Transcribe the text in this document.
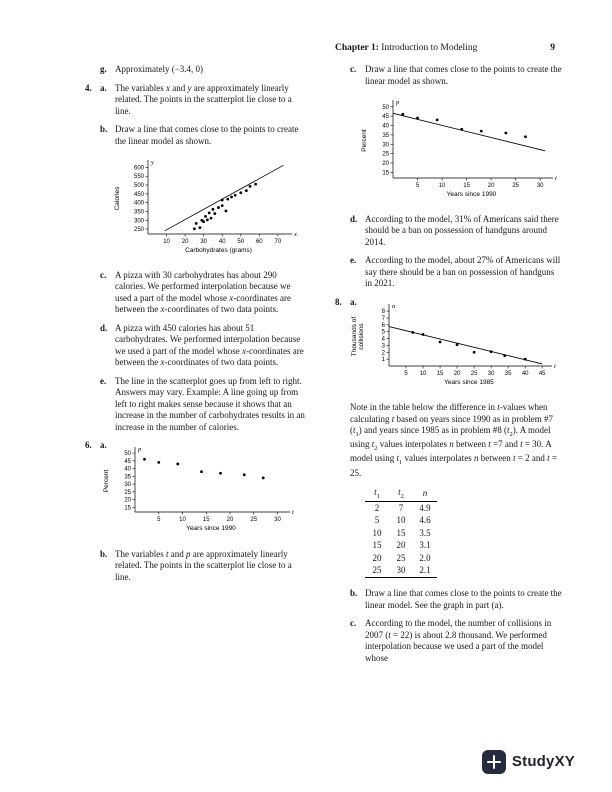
Chapter 1: Introduction to Modeling	9
g. Approximately (−3.4, 0)
4. a. The variables x and y are approximately linearly related. The points in the scatterplot lie close to a line.
b. Draw a line that comes close to the points to create the linear model as shown.
10 20 30 40 50 60 70
250
300
350
400
450
500
550
600
Carbohydrates (grams)
Calories
y
x
c. A pizza with 30 carbohydrates has about 290 calories. We performed interpolation because we used a part of the model whose x-coordinates are between the x-coordinates of two data points.
d. A pizza with 450 calories has about 51 carbohydrates. We performed interpolation because we used a part of the model whose x-coordinates are between the x-coordinates of two data points.
e. The line in the scatterplot goes up from left to right. Answers may vary. Example: A line going up from left to right makes sense because it shows that an increase in the number of carbohydrates results in an increase in the number of calories.
6. a.
5	10	15	20	25	30
15
20
25
30
35
40
45
50
Years since 1990
Percent
p
t
b. The variables t and p are approximately linearly related. The points in the scatterplot lie close to a line.
c. Draw a line that comes close to the points to create the linear model as shown.
5	10	15	20	25	30
15
20
25
30
35
40
45
50
Years since 1990
Percent
p
t
d. According to the model, 31% of Americans said there should be a ban on possession of handguns around 2014.
e. According to the model, about 27% of Americans will say there should be a ban on possession of handguns in 2021.
8. a.
5 10 15 20 25 30 35 40 45
1
2
3
4
5
6
7
8
Years since 1985
Thousands of collisions
n
t
Note in the table below the difference in t-values when calculating t based on years since 1990 as in problem #7 $(t_1)$ and years since 1985 as in problem #8 $(t_2)$. A model using $t_2$ values interpolates n between t =7 and t = 30. A model using $t_1$ values interpolates n between t = 2 and t = 25.
$t_1$	$t_2$	n
2	7	4.9
5	10	4.6
10	15	3.5
15	20	3.1
20	25	2.0
25	30	2.1
b. Draw a line that comes close to the points to create the linear model. See the graph in part (a).
c. According to the model, the number of collisions in 2007 (t = 22) is about 2.8 thousand. We performed interpolation because we used a part of the model whose
StudyXY
